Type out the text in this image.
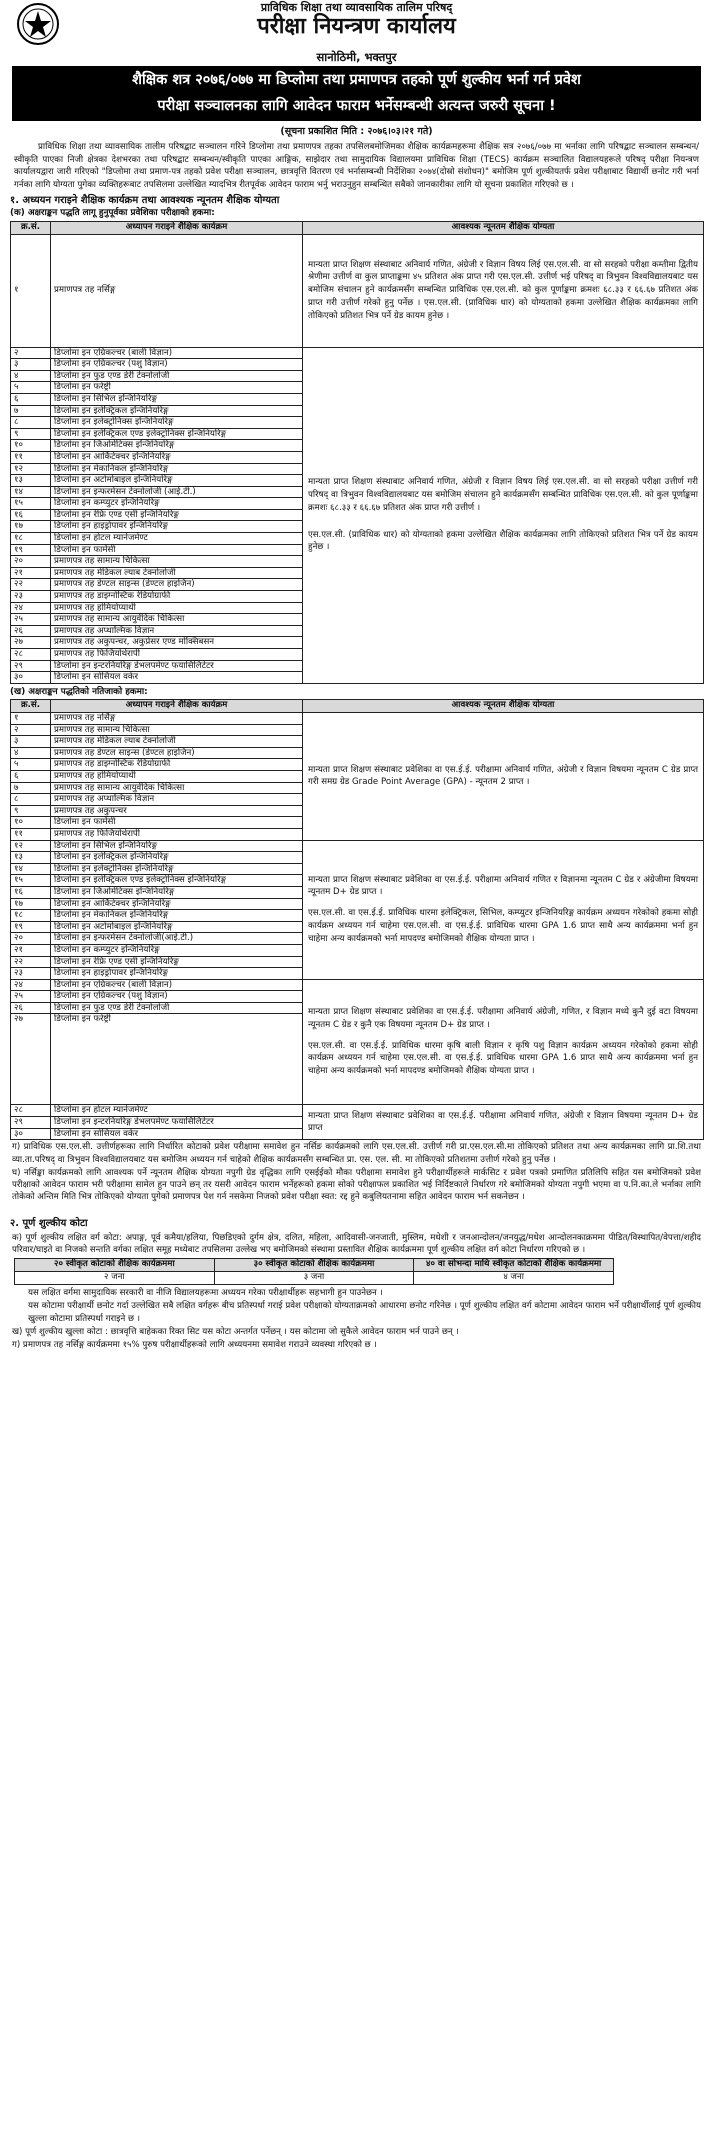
प्राविधिक शिक्षा तथा व्यावसायिक तालिम परिषद्
परीक्षा नियन्त्रण कार्यालय
सानोठिमी, भक्तपुर
शैक्षिक शत्र २०७६/०७७ मा डिप्लोमा तथा प्रमाणपत्र तहको पूर्ण शुल्कीय भर्ना गर्न प्रवेश
परीक्षा सञ्चालनका लागि आवेदन फाराम भर्नेसम्बन्धी अत्यन्त जरुरी सूचना !
(सूचना प्रकाशित मिति : २०७६।०३।२१ गते)
प्राविधिक शिक्षा तथा व्यावसायिक तालीम परिषद्बाट सञ्चालन गरिने डिप्लोमा तथा प्रमाणपत्र तहका तपसिलबमोजिमका शैक्षिक कार्यक्रमहरूमा शैक्षिक सत्र २०७६/०७७ मा भर्नाका लागि परिषद्बाट सञ्चालन सम्बन्धन/स्वीकृति पाएका निजी क्षेत्रका देशभरका तथा परिषद्बाट सम्बन्धन/स्वीकृति पाएका आङ्गिक, साझेदार तथा सामुदायिक विद्यालयमा प्राविधिक शिक्षा (TECS) कार्यक्रम सञ्चालित विद्यालयहरूले परिषद् परीक्षा नियन्त्रण कार्यालयद्वारा जारी गरिएको "डिप्लोमा तथा प्रमाण-पत्र तहको प्रवेश परीक्षा सञ्चालन, छात्रवृत्ति वितरण एवं भर्नासम्बन्धी निर्देशिका २०७४(दोस्रो संशोधन)" बमोजिम पूर्ण शुल्कीयतर्फ प्रवेश परीक्षाबाट विद्यार्थी छनोट गरी भर्ना गर्नका लागि योग्यता पुगेका व्यक्तिहरूबाट तपसिलमा उल्लेखित म्यादभित्र रीतपूर्वक आवेदन फाराम भर्नु भराउनुहुन सम्बन्धित सबैको जानकारीका लागि यो सूचना प्रकाशित गरिएको छ ।
१. अध्ययन गराइने शैक्षिक कार्यक्रम तथा आवश्यक न्यूनतम शैक्षिक योग्यता
(क) अक्षराङ्कन पद्धति लागू हुनुपूर्वका प्रवेशिका परीक्षाको हकमा:
क्र.सं.	अध्यापन गराइने शैक्षिक कार्यक्रम	आवश्यक न्यूनतम शैक्षिक योग्यता
१	प्रमाणपत्र तह नर्सिङ्ग	मान्यता प्राप्त शिक्षण संस्थाबाट अनिवार्य गणित, अंग्रेजी र विज्ञान विषय लिई एस.एल.सी. वा सो सरहको परीक्षा कम्तीमा द्वितीय श्रेणीमा उत्तीर्ण वा कुल प्राप्ताङ्कमा ४५ प्रतिशत अंक प्राप्त गरी एस.एल.सी. उत्तीर्ण भई परिषद् वा त्रिभुवन विश्वविद्यालयबाट यस बमोजिम संचालन हुने कार्यक्रमसँग सम्बन्धित प्राविधिक एस.एल.सी. को कुल पूर्णाङ्कमा क्रमशः ६८.३३ र ६६.६७ प्रतिशत अंक प्राप्त गरी उत्तीर्ण गरेको हुनु पर्नेछ । एस.एल.सी. (प्राविधिक धार) को योग्यताको हकमा उल्लेखित शैक्षिक कार्यक्रमका लागि तोकिएको प्रतिशत भित्र पर्ने ग्रेड कायम हुनेछ ।
२	डिप्लोमा इन एग्रिकल्चर (बाली विज्ञान)	मान्यता प्राप्त शिक्षण संस्थाबाट अनिवार्य गणित, अंग्रेजी र विज्ञान विषय लिई एस.एल.सी. वा सो सरहको परीक्षा उत्तीर्ण गरी परिषद् वा त्रिभुवन विश्वविद्यालयबाट यस बमोजिम संचालन हुने कार्यक्रमसँग सम्बन्धित प्राविधिक एस.एल.सी. को कुल पूर्णाङ्कमा क्रमशः ६८.३३ र ६६.६७ प्रतिशत अंक प्राप्त गरी उत्तीर्ण ।
एस.एल.सी. (प्राविधिक धार) को योग्यताको हकमा उल्लेखित शैक्षिक कार्यक्रमका लागि तोकिएको प्रतिशत भित्र पर्ने ग्रेड कायम हुनेछ ।

३	डिप्लोमा इन एग्रिकल्चर (पशु विज्ञान)	
४	डिप्लोमा इन फुड एण्ड डेरी टेक्नोलोजी	
५	डिप्लोमा इन फरेष्ट्री	
६	डिप्लोमा इन सिभिल इन्जिनियरिङ्ग	
७	डिप्लोमा इन इलेक्ट्रिकल इन्जिनियरिङ्ग	
८	डिप्लोमा इन इलेक्ट्रोनिक्स इन्जिनियरिङ्ग	
९	डिप्लोमा इन इलेक्ट्रिकल एण्ड इलेक्ट्रोनिक्स इन्जिनियरिङ्ग	
१०	डिप्लोमा इन जिओमेटिक्स इन्जिनियरिङ्ग	
११	डिप्लोमा इन आर्किटेक्चर इन्जिनियरिङ्ग	
१२	डिप्लोमा इन मेकानिकल इन्जिनियरिङ्ग	
१३	डिप्लोमा इन अटोमोबाइल इन्जिनियरिङ्ग	
१४	डिप्लोमा इन इन्फरमेसन टेक्नोलोजी (आई.टी.)	
१५	डिप्लोमा इन कम्प्युटर इन्जिनियरिङ्ग	
१६	डिप्लोमा इन रेफ्रि एण्ड एसी इन्जिनियरिङ्ग	
१७	डिप्लोमा इन हाइड्रोपावर इन्जिनियरिङ्ग	
१८	डिप्लोमा इन होटल म्यानेजमेण्ट	
१९	डिप्लोमा इन फार्मेसी	
२०	प्रमाणपत्र तह सामान्य चिकित्सा	
२१	प्रमाणपत्र तह मेडिकल ल्याब टेक्नोलोजी	
२२	प्रमाणपत्र तह डेण्टल साइन्स (डेण्टल हाइजिन)	
२३	प्रमाणपत्र तह डाइग्नोस्टिक रेडियोग्राफी	
२४	प्रमाणपत्र तह होमियोप्याथी	
२५	प्रमाणपत्र तह सामान्य आयुर्वेदिक चिकित्सा	
२६	प्रमाणपत्र तह अप्थाल्मिक विज्ञान	
२७	प्रमाणपत्र तह अकुपन्चर, अकुप्रेसर एण्ड मोक्सिबसन	
२८	प्रमाणपत्र तह फिजियोथेरापी	
२९	डिप्लोमा इन इन्टरनियरिङ्ग डेभलपमेण्ट फयासिलिटेटर	
३०	डिप्लोमा इन सोसियल वर्कर	
(ख) अक्षराङ्कन पद्धतिको नतिजाको हकमा:
क्र.सं.	अध्यापन गराइने शैक्षिक कार्यक्रम	आवश्यक न्यूनतम शैक्षिक योग्यता
१	प्रमाणपत्र तह नर्सिङ्ग	मान्यता प्राप्त शिक्षण संस्थाबाट प्रवेशिका वा एस.ई.ई. परीक्षामा अनिवार्य गणित, अंग्रेजी र विज्ञान विषयमा न्यूनतम C ग्रेड प्राप्त गरी समग्र ग्रेड Grade Point Average (GPA) - न्यूनतम 2 प्राप्त ।
२	प्रमाणपत्र तह सामान्य चिकित्सा	
३	प्रमाणपत्र तह मेडिकल ल्याब टेक्नोलोजी	
४	प्रमाणपत्र तह डेण्टल साइन्स (डेण्टल हाइजिन)	
५	प्रमाणपत्र तह डाइग्नोस्टिक रेडियोग्राफी	
६	प्रमाणपत्र तह होमियोप्याथी	
७	प्रमाणपत्र तह सामान्य आयुर्वेदिक चिकित्सा	
८	प्रमाणपत्र तह अप्थाल्मिक विज्ञान	
९	प्रमाणपत्र तह अकुपन्चर	
१०	डिप्लोमा इन फार्मेसी	
११	प्रमाणपत्र तह फिजियोथेरापी	
१२	डिप्लोमा इन सिभिल इन्जिनियरिङ्ग	मान्यता प्राप्त शिक्षण संस्थाबाट प्रवेशिका वा एस.ई.ई. परीक्षामा अनिवार्य गणित र विज्ञानमा न्यूनतम C ग्रेड र अंग्रेजीमा विषयमा न्यूनतम D+ ग्रेड प्राप्त ।
एस.एल.सी. वा एस.ई.ई. प्राविधिक धारमा इलेक्ट्रिकल, सिभिल, कम्प्युटर इन्जिनियरिङ्ग कार्यक्रम अध्ययन गरेकोको हकमा सोही कार्यक्रम अध्ययन गर्न चाहेमा एस.एल.सी. वा एस.ई.ई. प्राविधिक धारमा GPA 1.6 प्राप्त साथै अन्य कार्यक्रममा भर्ना हुन चाहेमा अन्य कार्यक्रमको भर्ना मापदण्ड बमोजिमको शैक्षिक योग्यता प्राप्त ।

१३	डिप्लोमा इन इलेक्ट्रिकल इन्जिनियरिङ्ग	
१४	डिप्लोमा इन इलेक्ट्रोनिक्स इन्जिनियरिङ्ग	
१५	डिप्लोमा इन इलेक्ट्रिकल एण्ड इलेक्ट्रोनिक्स इन्जिनियरिङ्ग	
१६	डिप्लोमा इन जिओमेटिक्स इन्जिनियरिङ्ग	
१७	डिप्लोमा इन आर्किटेक्चर इन्जिनियरिङ्ग	
१८	डिप्लोमा इन मेकानिकल इन्जिनियरिङ्ग	
१९	डिप्लोमा इन अटोमोबाइल इन्जिनियरिङ्ग	
२०	डिप्लोमा इन इन्फरमेसन टेक्नोलोजी(आई.टी.)	
२१	डिप्लोमा इन कम्प्युटर इन्जिनियरिङ्ग	
२२	डिप्लोमा इन रेफ्रि एण्ड एसी इन्जिनियरिङ्ग	
२३	डिप्लोमा इन हाइड्रोपावर इन्जिनियरिङ्ग	
२४	डिप्लोमा इन एग्रिकल्चर (बाली विज्ञान)	मान्यता प्राप्त शिक्षण संस्थाबाट प्रवेशिका वा एस.ई.ई. परीक्षामा अनिवार्य अंग्रेजी, गणित, र विज्ञान मध्ये कुनै दुई वटा विषयमा न्यूनतम C ग्रेड र कुनै एक विषयमा न्यूनतम D+ ग्रेड प्राप्त ।
एस.एल.सी. वा एस.ई.ई. प्राविधिक धारमा कृषि बाली विज्ञान र कृषि पशु विज्ञान कार्यक्रम अध्ययन गरेकोको हकमा सोही कार्यक्रम अध्ययन गर्न चाहेमा एस.एल.सी. वा एस.ई.ई. प्राविधिक धारमा GPA 1.6 प्राप्त साथै अन्य कार्यक्रममा भर्ना हुन चाहेमा अन्य कार्यक्रमको भर्ना मापदण्ड बमोजिमको शैक्षिक योग्यता प्राप्त ।

२५	डिप्लोमा इन एग्रिकल्चर (पशु विज्ञान)	
२६	डिप्लोमा इन फुड एण्ड डेरी टेक्नोलोजी	
२७	डिप्लोमा इन फरेष्ट्री	
२८	डिप्लोमा इन होटल म्यानेजमेण्ट	मान्यता प्राप्त शिक्षण संस्थाबाट प्रवेशिका वा एस.ई.ई. परीक्षामा अनिवार्य गणित, अंग्रेजी र विज्ञान विषयमा न्यूनतम D+ ग्रेड प्राप्त
२९	डिप्लोमा इन इन्टरनियरिङ्ग डेभलपमेण्ट फयासिलिटेटर	
३०	डिप्लोमा इन सोसियल वर्कर	

ग) प्राविधिक एस.एल.सी. उत्तीर्णहरूका लागि निर्धारित कोटाको प्रवेश परीक्षामा समावेश हुन नर्सिङ कार्यक्रमको लागि एस.एल.सी. उत्तीर्ण गरी प्रा.एस.एल.सी.मा तोकिएको प्रतिशत तथा अन्य कार्यक्रमका लागि प्रा.शि.तथा व्या.ता.परिषद् वा त्रिभुवन विश्वविद्यालयबाट यस बमोजिम अध्ययन गर्न चाहेको शैक्षिक कार्यक्रमसँग सम्बन्धित प्रा. एस. एल. सी. मा तोकिएको प्रतिशतमा उत्तीर्ण गरेको हुनु पर्नेछ ।

घ) नर्सिङ्का कार्यक्रमको लागि आवश्यक पर्ने न्यूनतम शैक्षिक योग्यता नपुगी ग्रेड वृद्धिका लागि एसईईको मौका परीक्षामा समावेश हुने परीक्षार्थीहरूले मार्कसिट र प्रवेश पत्रको प्रमाणित प्रतिलिपि सहित यस बमोजिमको प्रवेश परीक्षाको आवेदन फाराम भरी परीक्षामा सामेल हुन पाउने छन् तर यसरी आवेदन फाराम भर्नेहरूको हकमा सोको परीक्षाफल प्रकाशित भई निर्दिष्टकाले निर्धारण गरे बमोजिमको योग्यता नपुगी भएमा वा प.नि.का.ले भर्नाका लागि तोकेको अन्तिम मिति भित्र तोकिएको योग्यता पुगेको प्रमाणपत्र पेश गर्न नसकेमा निजको प्रवेश परीक्षा स्वत: रद्द हुने कबुलियतनामा सहित आवेदन फाराम भर्न सकनेछन ।

२. पूर्ण शुल्कीय कोटा

क) पूर्ण शुल्कीय लक्षित वर्ग कोटा: अपाङ्ग, पूर्व कमैया/हलिया, पिछडिएको दुर्गम क्षेत्र, दलित, महिला, आदिवासी-जनजाती, मुस्लिम, मधेशी र जनआन्दोलन/जनयुद्ध/मधेश आन्दोलनकाक्रममा पीडित/विस्थापित/वेपत्ता/शहीद परिवार/घाइते वा निजको सन्तति वर्गका लक्षित समूह मध्येबाट तपसिलमा उल्लेख भए बमोजिमको संस्थामा प्रस्तावित शैक्षिक कार्यक्रममा पूर्ण शुल्कीय लक्षित वर्ग कोटा निर्धारण गरिएको छ ।

२० स्वीकृत कोटाको शैक्षिक कार्यक्रममा	३० स्वीकृत कोटाको शैक्षिक कार्यक्रममा	४० वा सोभन्दा माथि स्वीकृत कोटाको शैक्षिक कार्यक्रममा
२ जना	३ जना	४ जना

यस लक्षित वर्गमा सामुदायिक सरकारी वा नीजि विद्यालयहरूमा अध्ययन गरेका परीक्षार्थीहरू सहभागी हुन पाउनेछन ।

यस कोटामा परीक्षार्थी छनोट गर्दा उल्लेखित सबै लक्षित वर्गहरू बीच प्रतिस्पर्धा गराई प्रवेश परीक्षाको योग्यताक्रमको आधारमा छनोट गरिनेछ । पूर्ण शुल्कीय लक्षित वर्ग कोटामा आवेदन फाराम भर्ने परीक्षार्थीलाई पूर्ण शुल्कीय खुल्ला कोटामा प्रतिस्पर्धा गराइने छ ।

ख) पूर्ण शुल्कीय खुल्ला कोटा : छात्रवृत्ति बाहेकका रिक्त सिट यस कोटा अन्तर्गत पर्नेछन् । यस कोटामा जो सुकैले आवेदन फाराम भर्न पाउने छन् ।

ग) प्रमाणपत्र तह नर्सिङ्ग कार्यक्रममा १५% पुरुष परीक्षार्थीहरूको लागि अध्ययनमा समावेश गराउने व्यवस्था गरिएको छ ।
